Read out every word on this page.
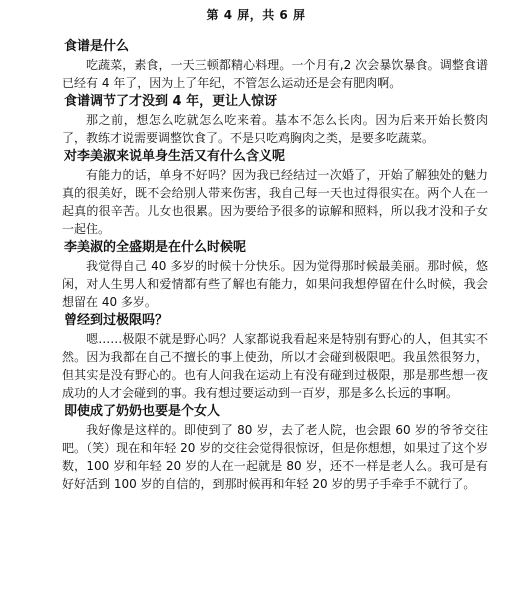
第 4 屏，共 6 屏
食谱是什么

吃蔬菜，素食，一天三顿都精心料理。一个月有,2 次会暴饮暴食。调整食谱已经有 4 年了，因为上了年纪，不管怎么运动还是会有肥肉啊。

食谱调节了才没到 4 年，更让人惊讶

那之前，想怎么吃就怎么吃来着。基本不怎么长肉。因为后来开始长赘肉了，教练才说需要调整饮食了。不是只吃鸡胸肉之类，是要多吃蔬菜。

对李美淑来说单身生活又有什么含义呢

有能力的话，单身不好吗？因为我已经结过一次婚了，开始了解独处的魅力真的很美好，既不会给别人带来伤害，我自己每一天也过得很实在。两个人在一起真的很辛苦。儿女也很累。因为要给予很多的谅解和照料，所以我才没和子女一起住。

李美淑的全盛期是在什么时候呢

我觉得自己 40 多岁的时候十分快乐。因为觉得那时候最美丽。那时候，悠闲，对人生男人和爱情都有些了解也有能力，如果问我想停留在什么时候，我会想留在 40 多岁。

曾经到过极限吗？

嗯……极限不就是野心吗？人家都说我看起来是特别有野心的人，但其实不然。因为我都在自己不擅长的事上使劲，所以才会碰到极限吧。我虽然很努力，但其实是没有野心的。也有人问我在运动上有没有碰到过极限，那是那些想一夜成功的人才会碰到的事。我有想过要运动到一百岁，那是多么长远的事啊。

即使成了奶奶也要是个女人

我好像是这样的。即使到了 80 岁，去了老人院，也会跟 60 岁的爷爷交往吧。（笑）现在和年轻 20 岁的交往会觉得很惊讶，但是你想想，如果过了这个岁数，100 岁和年轻 20 岁的人在一起就是 80 岁，还不一样是老人么。我可是有好好活到 100 岁的自信的，到那时候再和年轻 20 岁的男子手牵手不就行了。
